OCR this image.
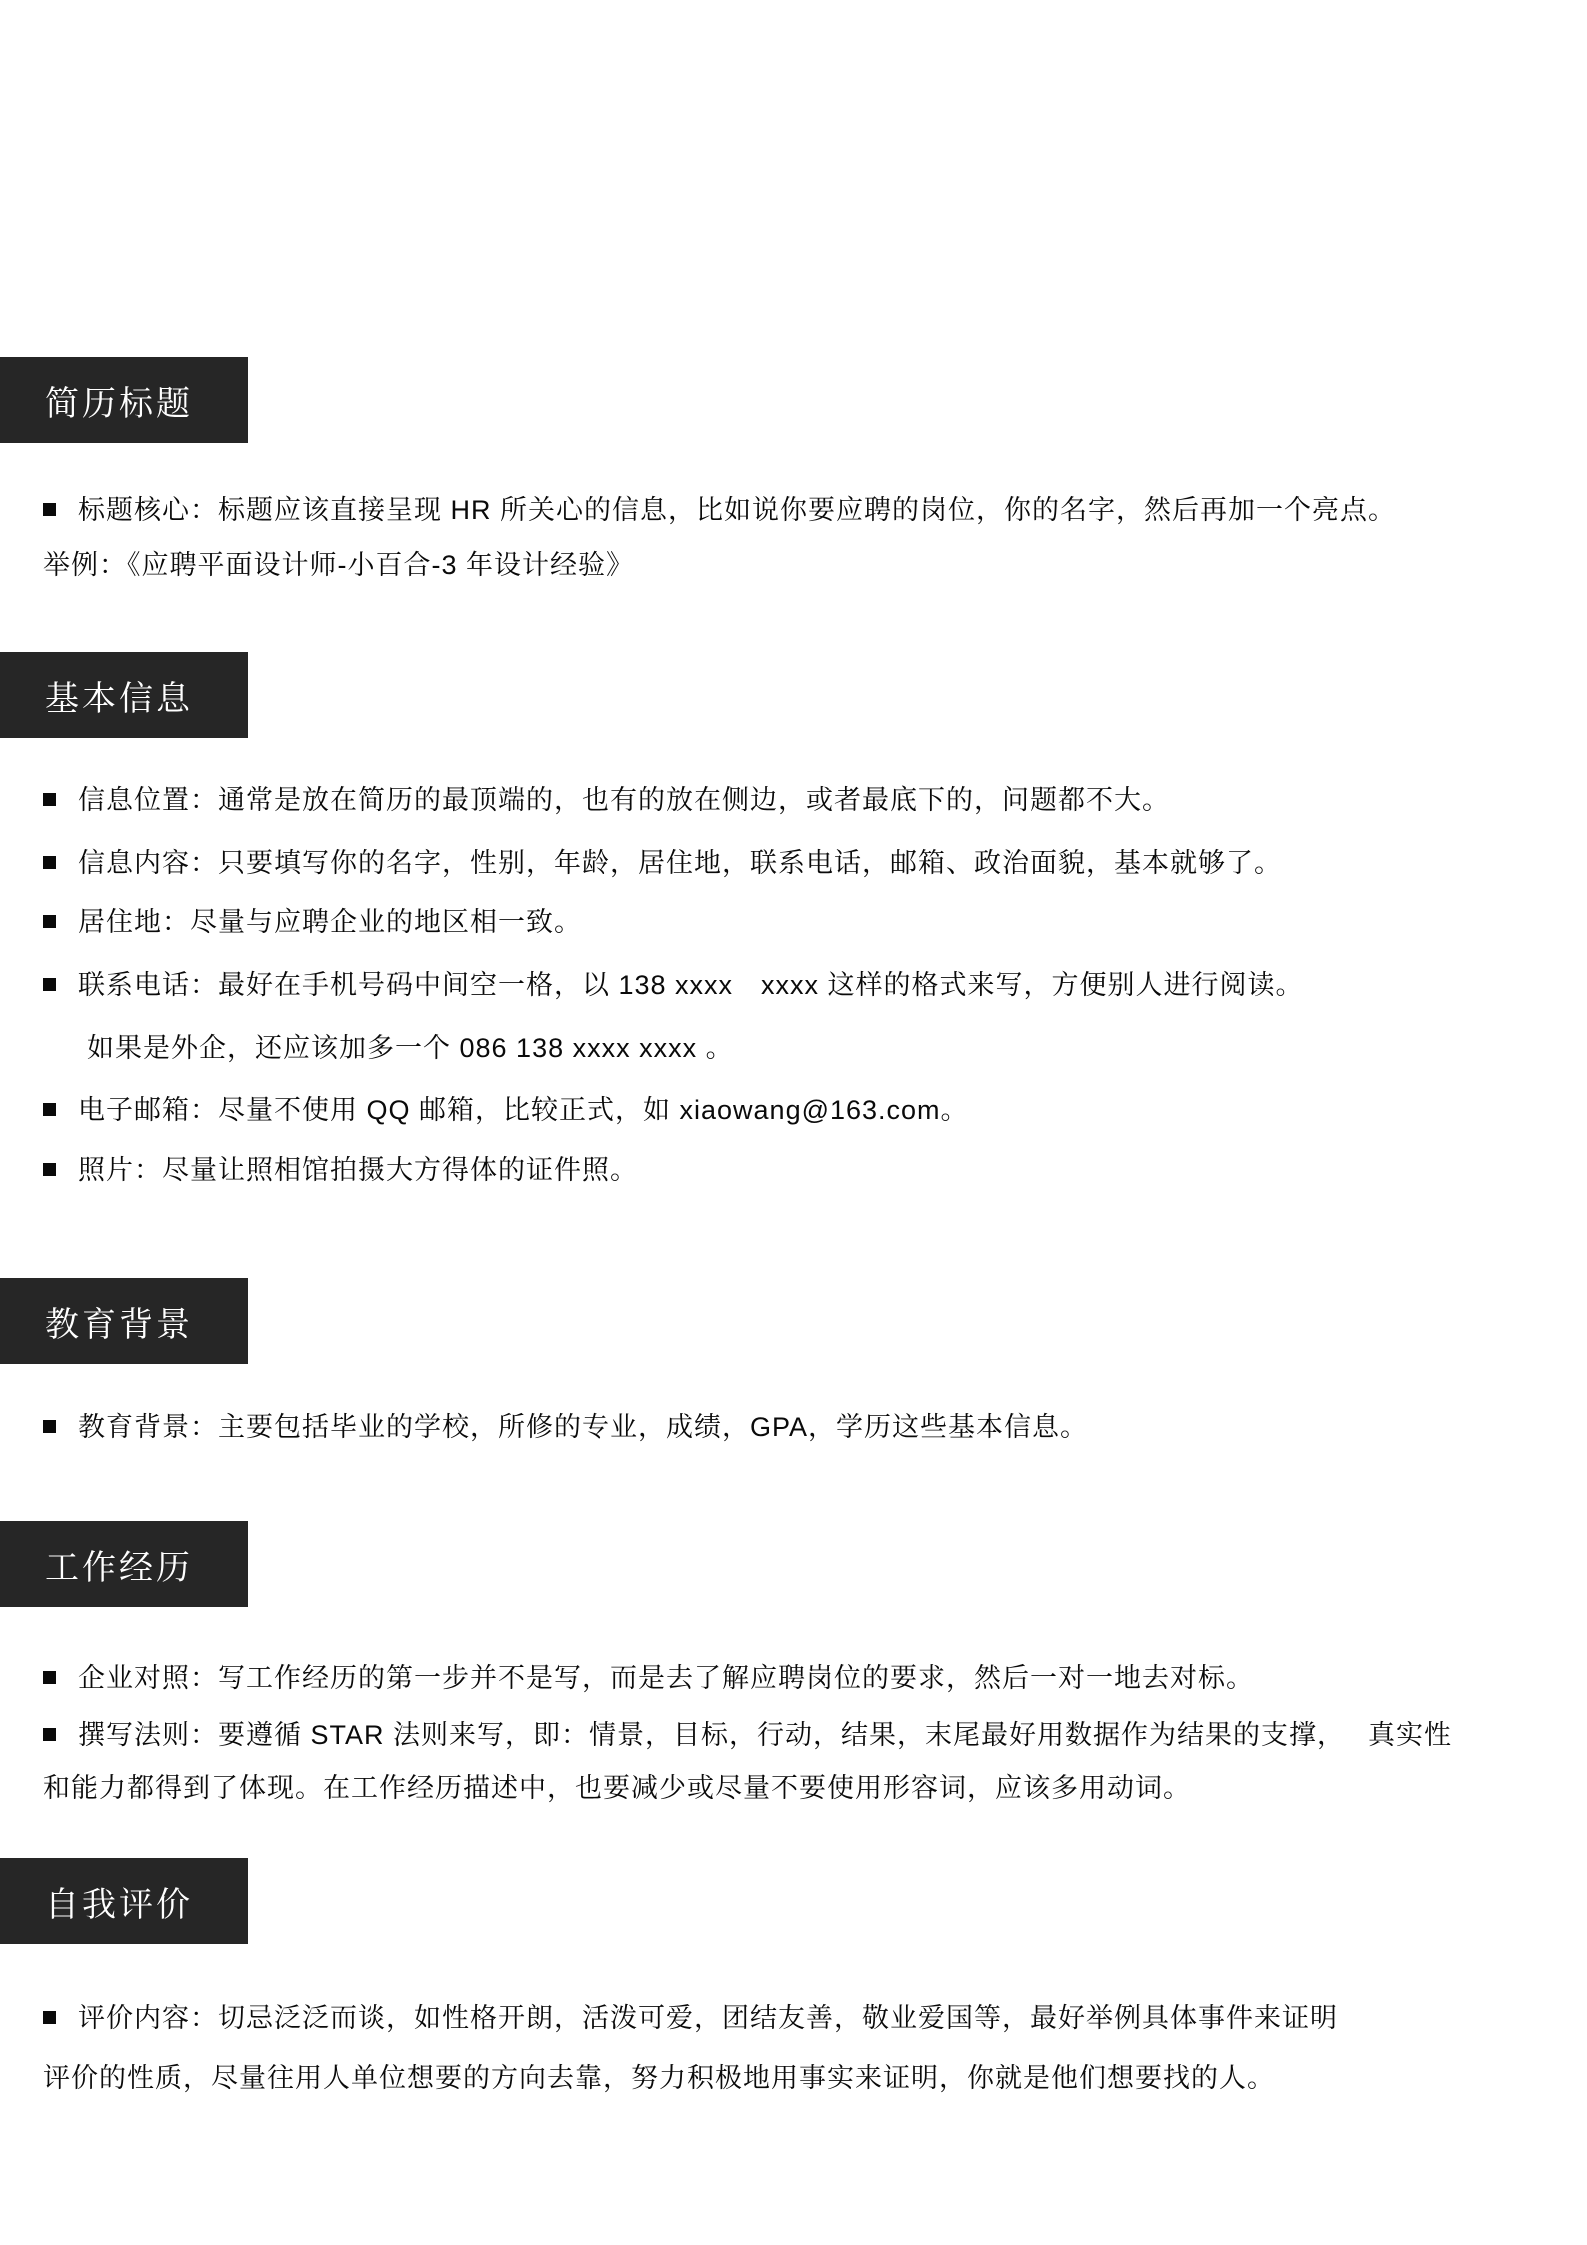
简历标题
标题核心：标题应该直接呈现 HR 所关心的信息，比如说你要应聘的岗位，你的名字，然后再加一个亮点。
举例：《应聘平面设计师-小百合-3 年设计经验》
基本信息
信息位置：通常是放在简历的最顶端的，也有的放在侧边，或者最底下的，问题都不大。
信息内容：只要填写你的名字，性别，年龄，居住地，联系电话，邮箱、政治面貌，基本就够了。
居住地：尽量与应聘企业的地区相一致。
联系电话：最好在手机号码中间空一格，以 138 xxxx　xxxx 这样的格式来写，方便别人进行阅读。
如果是外企，还应该加多一个 086 138 xxxx xxxx 。
电子邮箱：尽量不使用 QQ 邮箱，比较正式，如 xiaowang@163.com。
照片：尽量让照相馆拍摄大方得体的证件照。
教育背景
教育背景：主要包括毕业的学校，所修的专业，成绩，GPA，学历这些基本信息。
工作经历
企业对照：写工作经历的第一步并不是写，而是去了解应聘岗位的要求，然后一对一地去对标。
撰写法则：要遵循 STAR 法则来写，即：情景，目标，行动，结果，末尾最好用数据作为结果的支撑，　 真实性
和能力都得到了体现。在工作经历描述中，也要减少或尽量不要使用形容词，应该多用动词。
自我评价
评价内容：切忌泛泛而谈，如性格开朗，活泼可爱，团结友善，敬业爱国等，最好举例具体事件来证明
评价的性质，尽量往用人单位想要的方向去靠，努力积极地用事实来证明，你就是他们想要找的人。
